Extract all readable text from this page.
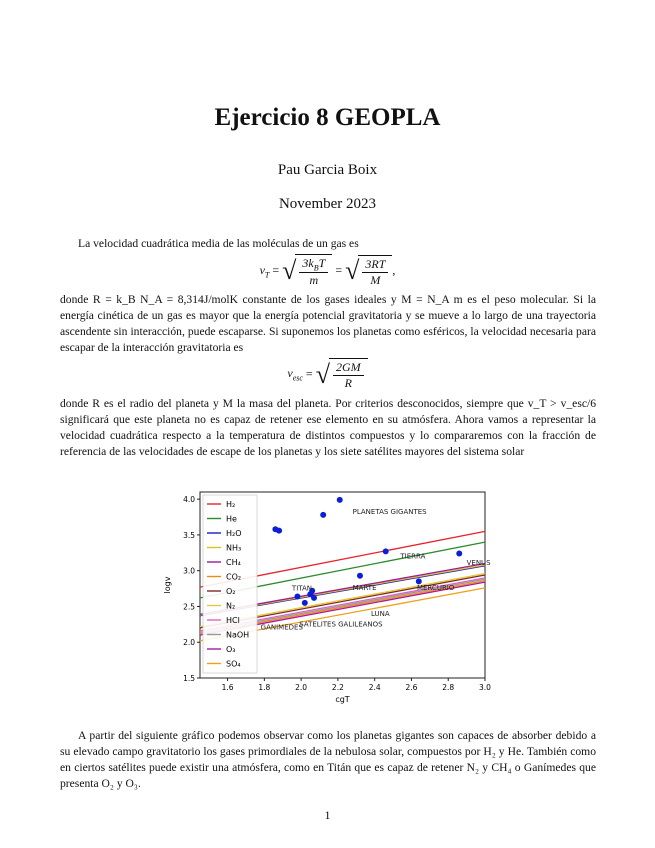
Ejercicio 8 GEOPLA
Pau Garcia Boix
November 2023
La velocidad cuadrática media de las moléculas de un gas es
$v_T$ = √ $\frac{3k_BT}{m}$ = √ $\frac{3RT}{M}$ ,
donde R = k_B N_A = 8,314J/molK constante de los gases ideales y M = N_A m es el peso molecular. Si la energía cinética de un gas es mayor que la energía potencial gravitatoria y se mueve a lo largo de una trayectoria ascendente sin interacción, puede escaparse. Si suponemos los planetas como esféricos, la velocidad necesaria para escapar de la interacción gravitatoria es
$v_{esc}$ = √ $\frac{2GM}{R}$
donde R es el radio del planeta y M la masa del planeta. Por criterios desconocidos, siempre que v_T > v_esc/6 significará que este planeta no es capaz de retener ese elemento en su atmósfera. Ahora vamos a representar la velocidad cuadrática respecto a la temperatura de distintos compuestos y lo compararemos con la fracción de referencia de las velocidades de escape de los planetas y los siete satélites mayores del sistema solar
PLANETAS GIGANTES
TIERRA
VENUS
MARTE	MERCURIO
TITAN
LUNA
GANIMEDES
SATELITES GALILEANOS
1.6	1.8	2.0	2.2	2.4	2.6	2.8	3.0
1.5
2.0
2.5
3.0
3.5
4.0
cgT
logv
H₂
He
H₂O
NH₃
CH₄
CO₂
O₂
N₂
HCl
NaOH
O₃
SO₄
A partir del siguiente gráfico podemos observar como los planetas gigantes son capaces de absorber debido a su elevado campo gravitatorio los gases primordiales de la nebulosa solar, compuestos por H₂ y He. También como en ciertos satélites puede existir una atmósfera, como en Titán que es capaz de retener N₂ y CH₄ o Ganímedes que presenta O₂ y O₃.
1
